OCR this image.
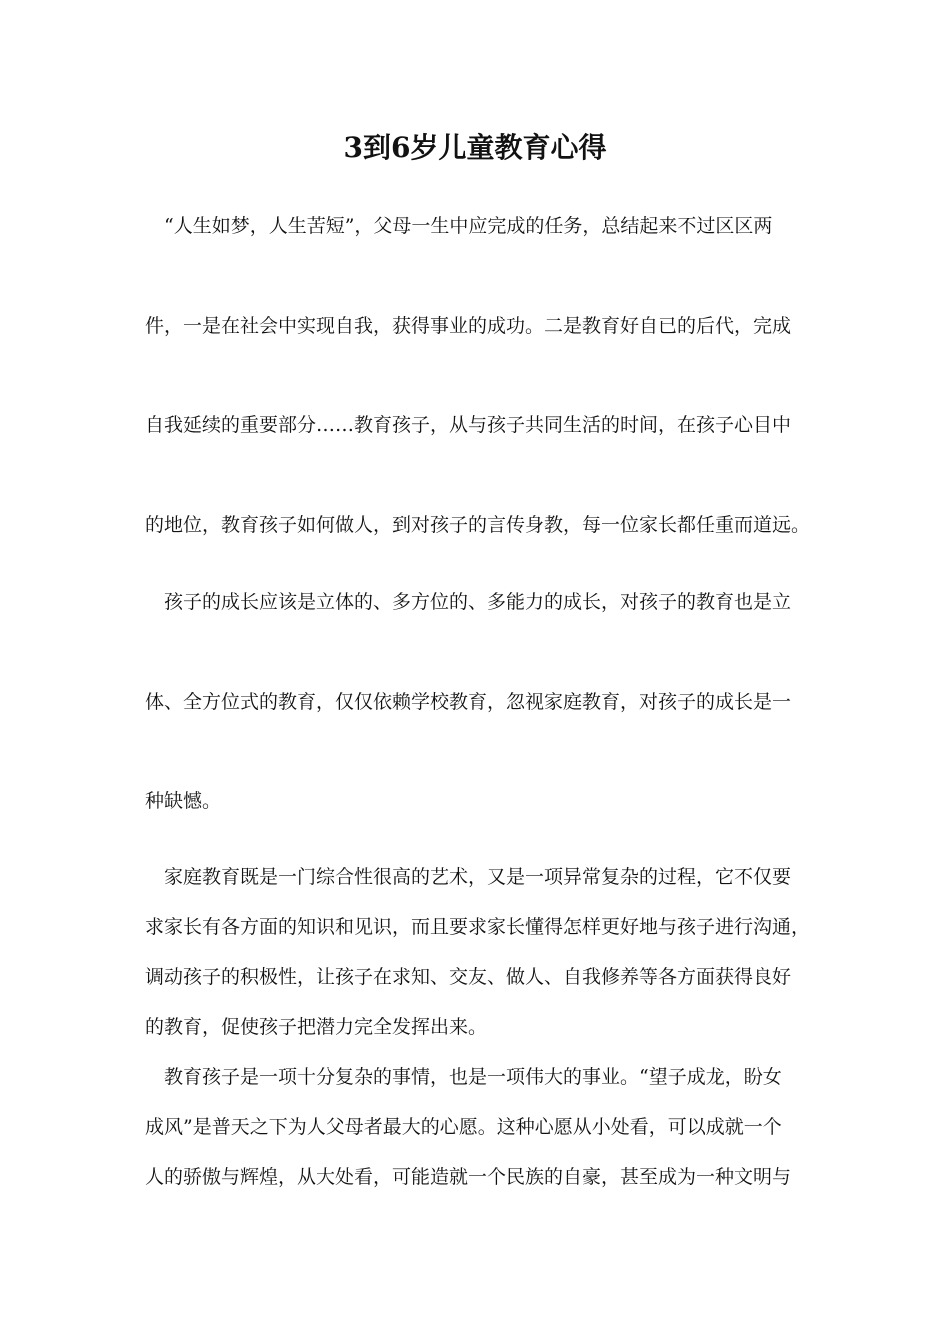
3到6岁儿童教育心得
“人生如梦，人生苦短”，父母一生中应完成的任务，总结起来不过区区两
件，一是在社会中实现自我，获得事业的成功。二是教育好自已的后代，完成
自我延续的重要部分……教育孩子，从与孩子共同生活的时间，在孩子心目中
的地位，教育孩子如何做人，到对孩子的言传身教，每一位家长都任重而道远。
孩子的成长应该是立体的、多方位的、多能力的成长，对孩子的教育也是立
体、全方位式的教育，仅仅依赖学校教育，忽视家庭教育，对孩子的成长是一
种缺憾。
家庭教育既是一门综合性很高的艺术，又是一项异常复杂的过程，它不仅要
求家长有各方面的知识和见识，而且要求家长懂得怎样更好地与孩子进行沟通，
调动孩子的积极性，让孩子在求知、交友、做人、自我修养等各方面获得良好
的教育，促使孩子把潜力完全发挥出来。
教育孩子是一项十分复杂的事情，也是一项伟大的事业。“望子成龙，盼女
成风”是普天之下为人父母者最大的心愿。这种心愿从小处看，可以成就一个
人的骄傲与辉煌，从大处看，可能造就一个民族的自豪，甚至成为一种文明与
